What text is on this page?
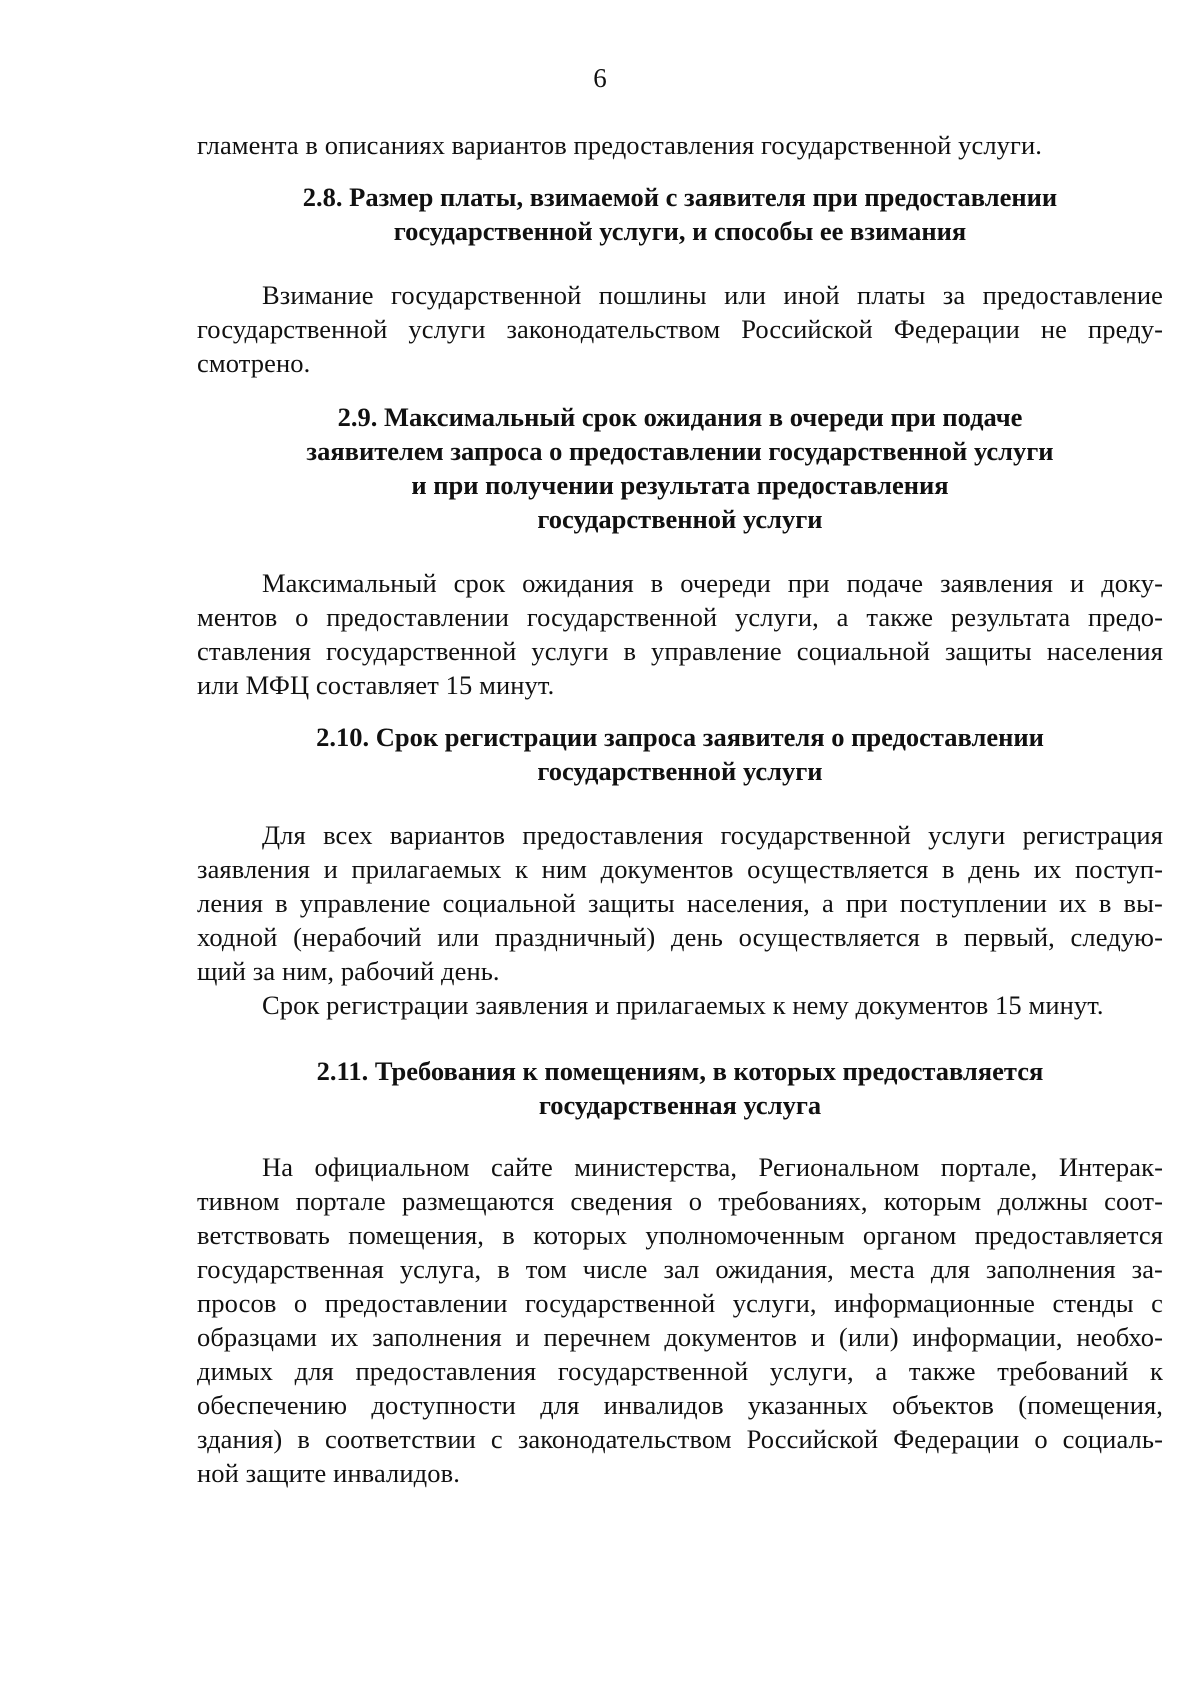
6
гламента в описаниях вариантов предоставления государственной услуги.
2.8. Размер платы, взимаемой с заявителя при предоставлении
государственной услуги, и способы ее взимания
Взимание государственной пошлины или иной платы за предоставление
государственной услуги законодательством Российской Федерации не преду-
смотрено.
2.9. Максимальный срок ожидания в очереди при подаче
заявителем запроса о предоставлении государственной услуги
и при получении результата предоставления
государственной услуги
Максимальный срок ожидания в очереди при подаче заявления и доку-
ментов о предоставлении государственной услуги, а также результата предо-
ставления государственной услуги в управление социальной защиты населения
или МФЦ составляет 15 минут.
2.10. Срок регистрации запроса заявителя о предоставлении
государственной услуги
Для всех вариантов предоставления государственной услуги регистрация
заявления и прилагаемых к ним документов осуществляется в день их поступ-
ления в управление социальной защиты населения, а при поступлении их в вы-
ходной (нерабочий или праздничный) день осуществляется в первый, следую-
щий за ним, рабочий день.
Срок регистрации заявления и прилагаемых к нему документов 15 минут.
2.11. Требования к помещениям, в которых предоставляется
государственная услуга
На официальном сайте министерства, Региональном портале, Интерак-
тивном портале размещаются сведения о требованиях, которым должны соот-
ветствовать помещения, в которых уполномоченным органом предоставляется
государственная услуга, в том числе зал ожидания, места для заполнения за-
просов о предоставлении государственной услуги, информационные стенды с
образцами их заполнения и перечнем документов и (или) информации, необхо-
димых для предоставления государственной услуги, а также требований к
обеспечению доступности для инвалидов указанных объектов (помещения,
здания) в соответствии с законодательством Российской Федерации о социаль-
ной защите инвалидов.
